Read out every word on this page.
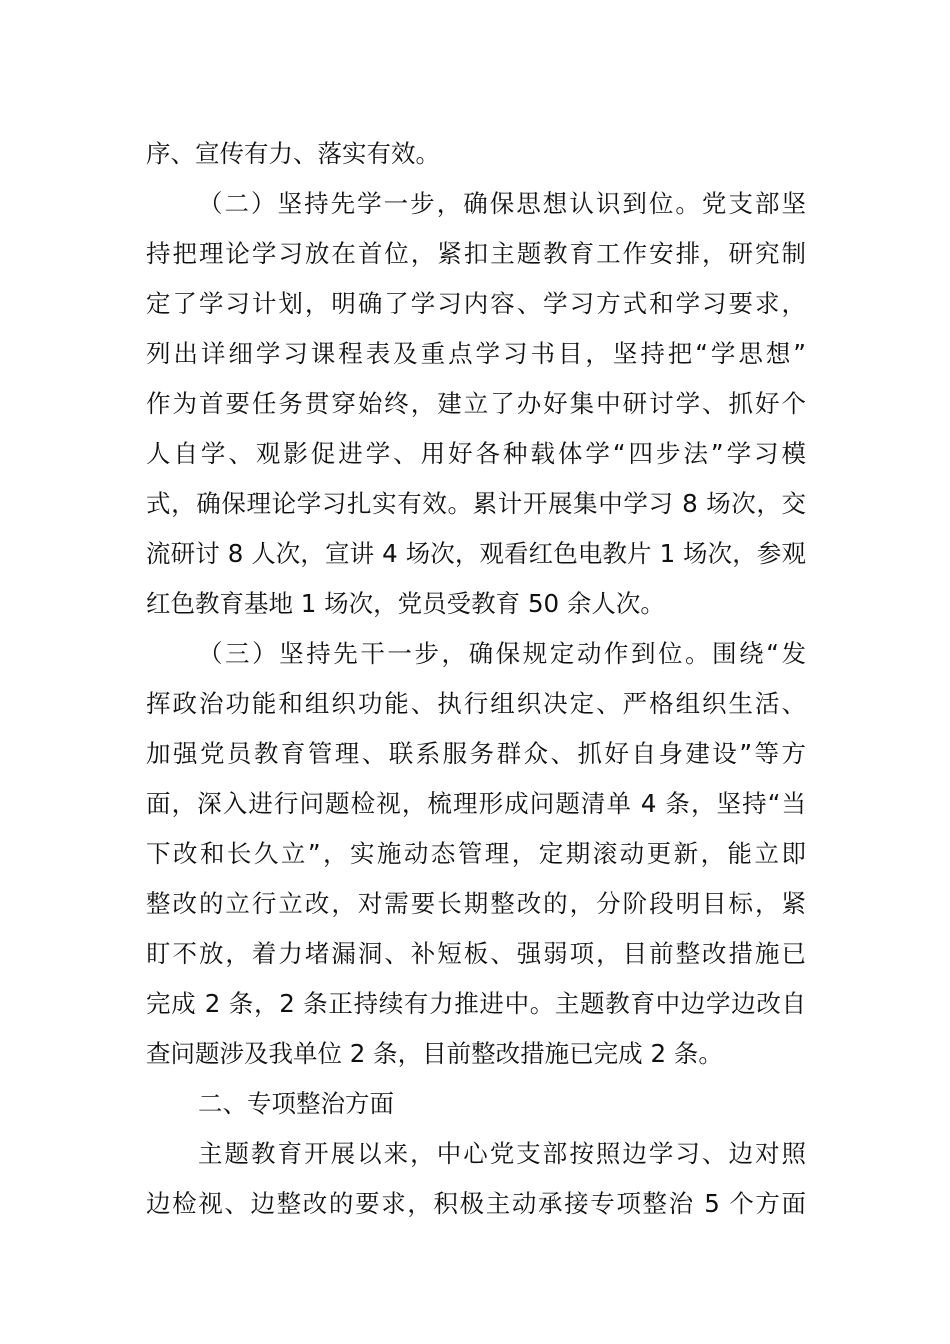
序、宣传有力、落实有效。
（二）坚持先学一步，确保思想认识到位。党支部坚
持把理论学习放在首位，紧扣主题教育工作安排，研究制
定了学习计划，明确了学习内容、学习方式和学习要求，
列出详细学习课程表及重点学习书目，坚持把“学思想”
作为首要任务贯穿始终，建立了办好集中研讨学、抓好个
人自学、观影促进学、用好各种载体学“四步法”学习模
式，确保理论学习扎实有效。累计开展集中学习 8 场次，交
流研讨 8 人次，宣讲 4 场次，观看红色电教片 1 场次，参观
红色教育基地 1 场次，党员受教育 50 余人次。
（三）坚持先干一步，确保规定动作到位。围绕“发
挥政治功能和组织功能、执行组织决定、严格组织生活、
加强党员教育管理、联系服务群众、抓好自身建设”等方
面，深入进行问题检视，梳理形成问题清单 4 条，坚持“当
下改和长久立”，实施动态管理，定期滚动更新，能立即
整改的立行立改，对需要长期整改的，分阶段明目标，紧
盯不放，着力堵漏洞、补短板、强弱项，目前整改措施已
完成 2 条，2 条正持续有力推进中。主题教育中边学边改自
查问题涉及我单位 2 条，目前整改措施已完成 2 条。
二、专项整治方面
主题教育开展以来，中心党支部按照边学习、边对照
边检视、边整改的要求，积极主动承接专项整治 5 个方面
